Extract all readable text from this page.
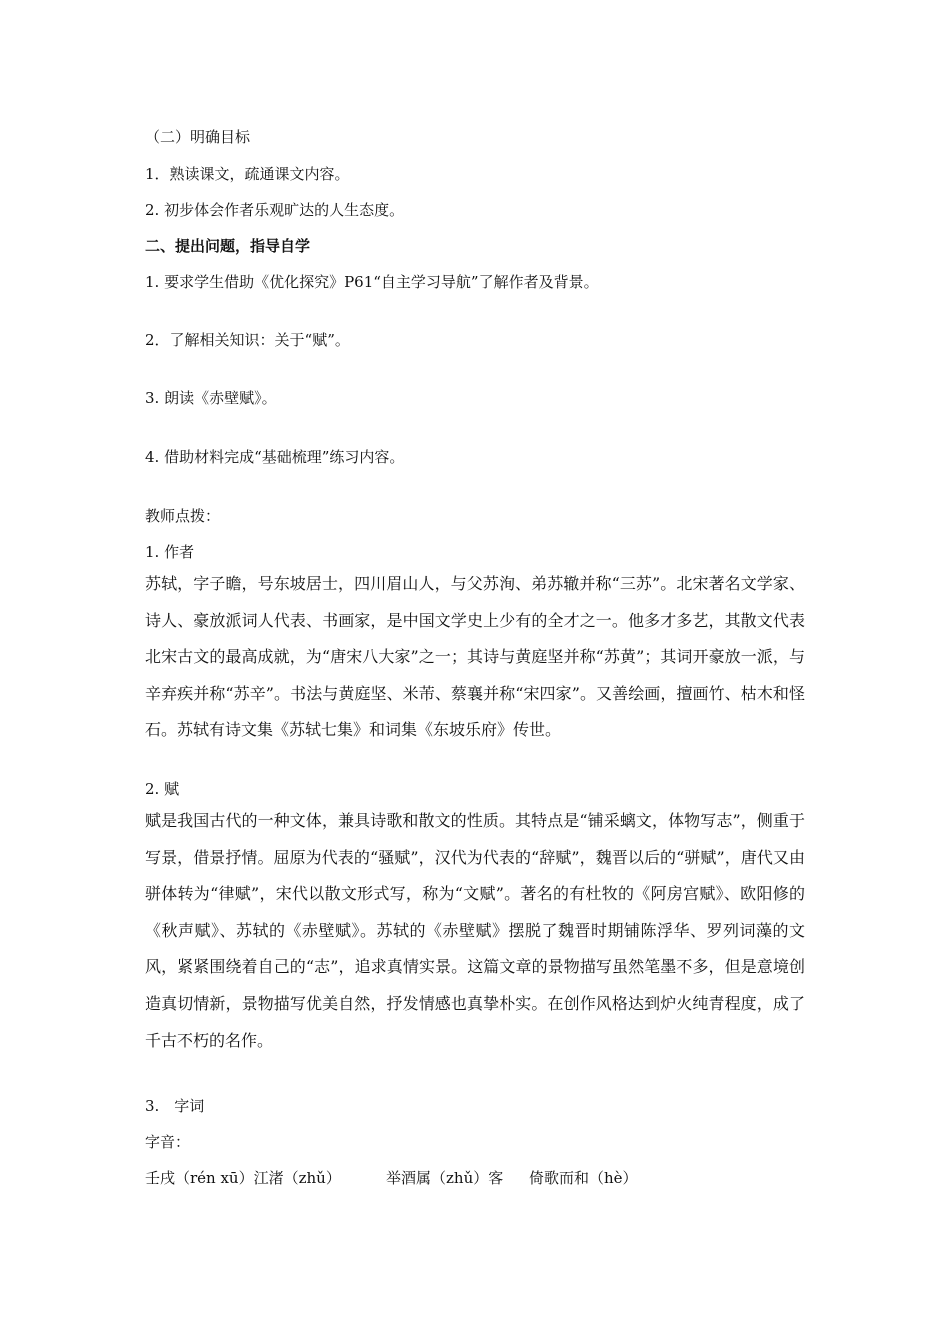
（二）明确目标
1．熟读课文，疏通课文内容。
2. 初步体会作者乐观旷达的人生态度。
二、提出问题，指导自学
1. 要求学生借助《优化探究》P61“自主学习导航”了解作者及背景。
2．了解相关知识：关于“赋”。
3. 朗读《赤壁赋》。
4. 借助材料完成“基础梳理”练习内容。
教师点拨：
1. 作者
苏轼，字子瞻，号东坡居士，四川眉山人，与父苏洵、弟苏辙并称“三苏”。北宋著名文学家、诗人、豪放派词人代表、书画家，是中国文学史上少有的全才之一。他多才多艺，其散文代表北宋古文的最高成就，为“唐宋八大家”之一；其诗与黄庭坚并称“苏黄”；其词开豪放一派，与辛弃疾并称“苏辛”。书法与黄庭坚、米芾、蔡襄并称“宋四家”。又善绘画，擅画竹、枯木和怪石。苏轼有诗文集《苏轼七集》和词集《东坡乐府》传世。
2. 赋
赋是我国古代的一种文体，兼具诗歌和散文的性质。其特点是“铺采螭文，体物写志”，侧重于写景，借景抒情。屈原为代表的“骚赋”，汉代为代表的“辞赋”，魏晋以后的“骈赋”，唐代又由骈体转为“律赋”，宋代以散文形式写，称为“文赋”。著名的有杜牧的《阿房宫赋》、欧阳修的《秋声赋》、苏轼的《赤壁赋》。苏轼的《赤壁赋》摆脱了魏晋时期铺陈浮华、罗列词藻的文风，紧紧围绕着自己的“志”，追求真情实景。这篇文章的景物描写虽然笔墨不多，但是意境创造真切情新，景物描写优美自然，抒发情感也真挚朴实。在创作风格达到炉火纯青程度，成了千古不朽的名作。
3.　字词
字音：
壬戌（rén xū）江渚（zhǔ）	举酒属（zhǔ）客 倚歌而和（hè）
